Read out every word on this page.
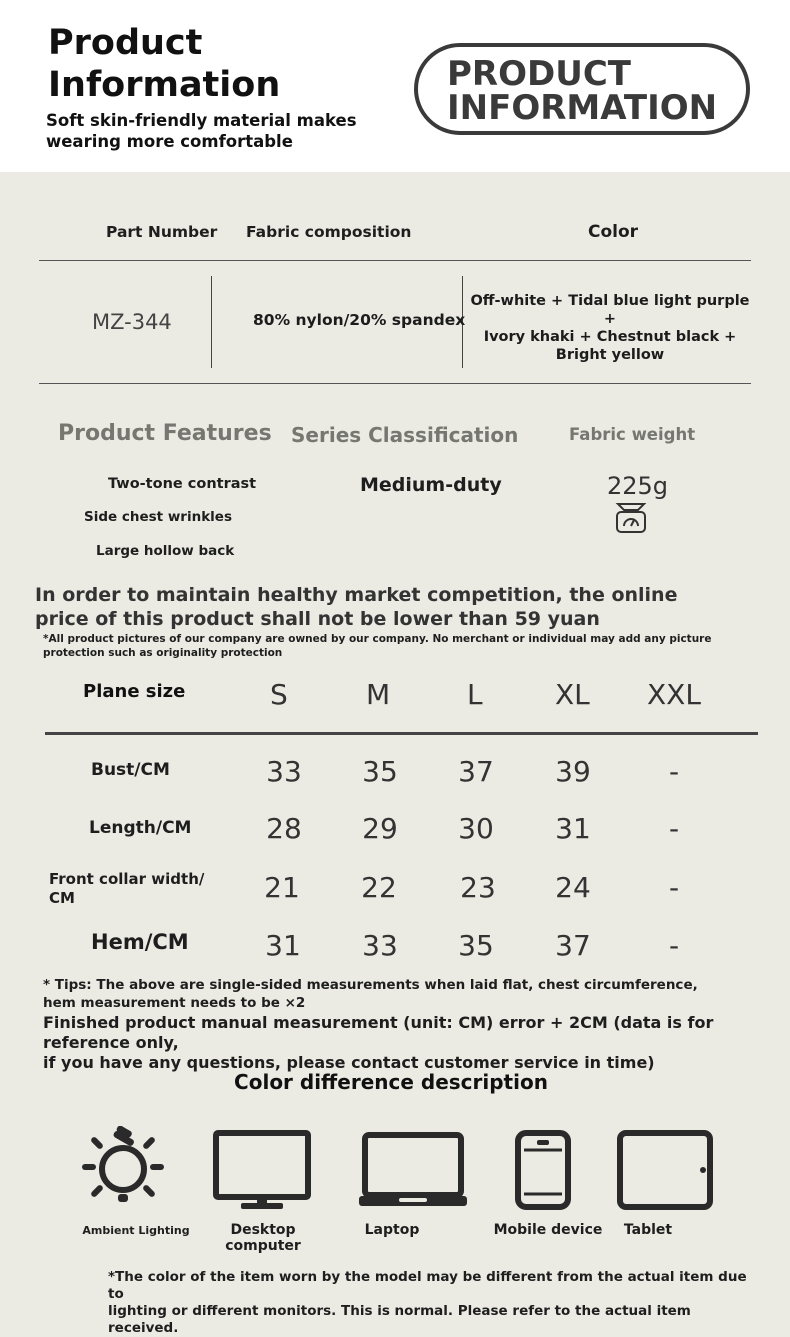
Product
Information
Soft skin-friendly material makes wearing more comfortable
PRODUCT
INFORMATION
Part Number Fabric composition	Color
MZ-344	80% nylon/20% spandex
Off-white + Tidal blue light purple +
Ivory khaki + Chestnut black +
Bright yellow
Product Features Series Classification	Fabric weight
Two-tone contrast
Side chest wrinkles
Large hollow back
Medium-duty	225g
In order to maintain healthy market competition, the online
price of this product shall not be lower than 59 yuan
*All product pictures of our company are owned by our company. No merchant or individual may add any picture
protection such as originality protection
Plane size	S	M	L	XL XXL
Bust/CM	33	35	37	39	-
Length/CM	28	29	30	31	-
Front collar width/
CM	21	22	23	24	-
Hem/CM	31	33	35	37	-
* Tips: The above are single-sided measurements when laid flat, chest circumference,
hem measurement needs to be ×2
Finished product manual measurement (unit: CM) error + 2CM (data is for reference only,
if you have any questions, please contact customer service in time)
Color difference description
Ambient Lighting	Desktop computer
Laptop	Mobile device	Tablet
*The color of the item worn by the model may be different from the actual item due to
lighting or different monitors. This is normal. Please refer to the actual item received.
